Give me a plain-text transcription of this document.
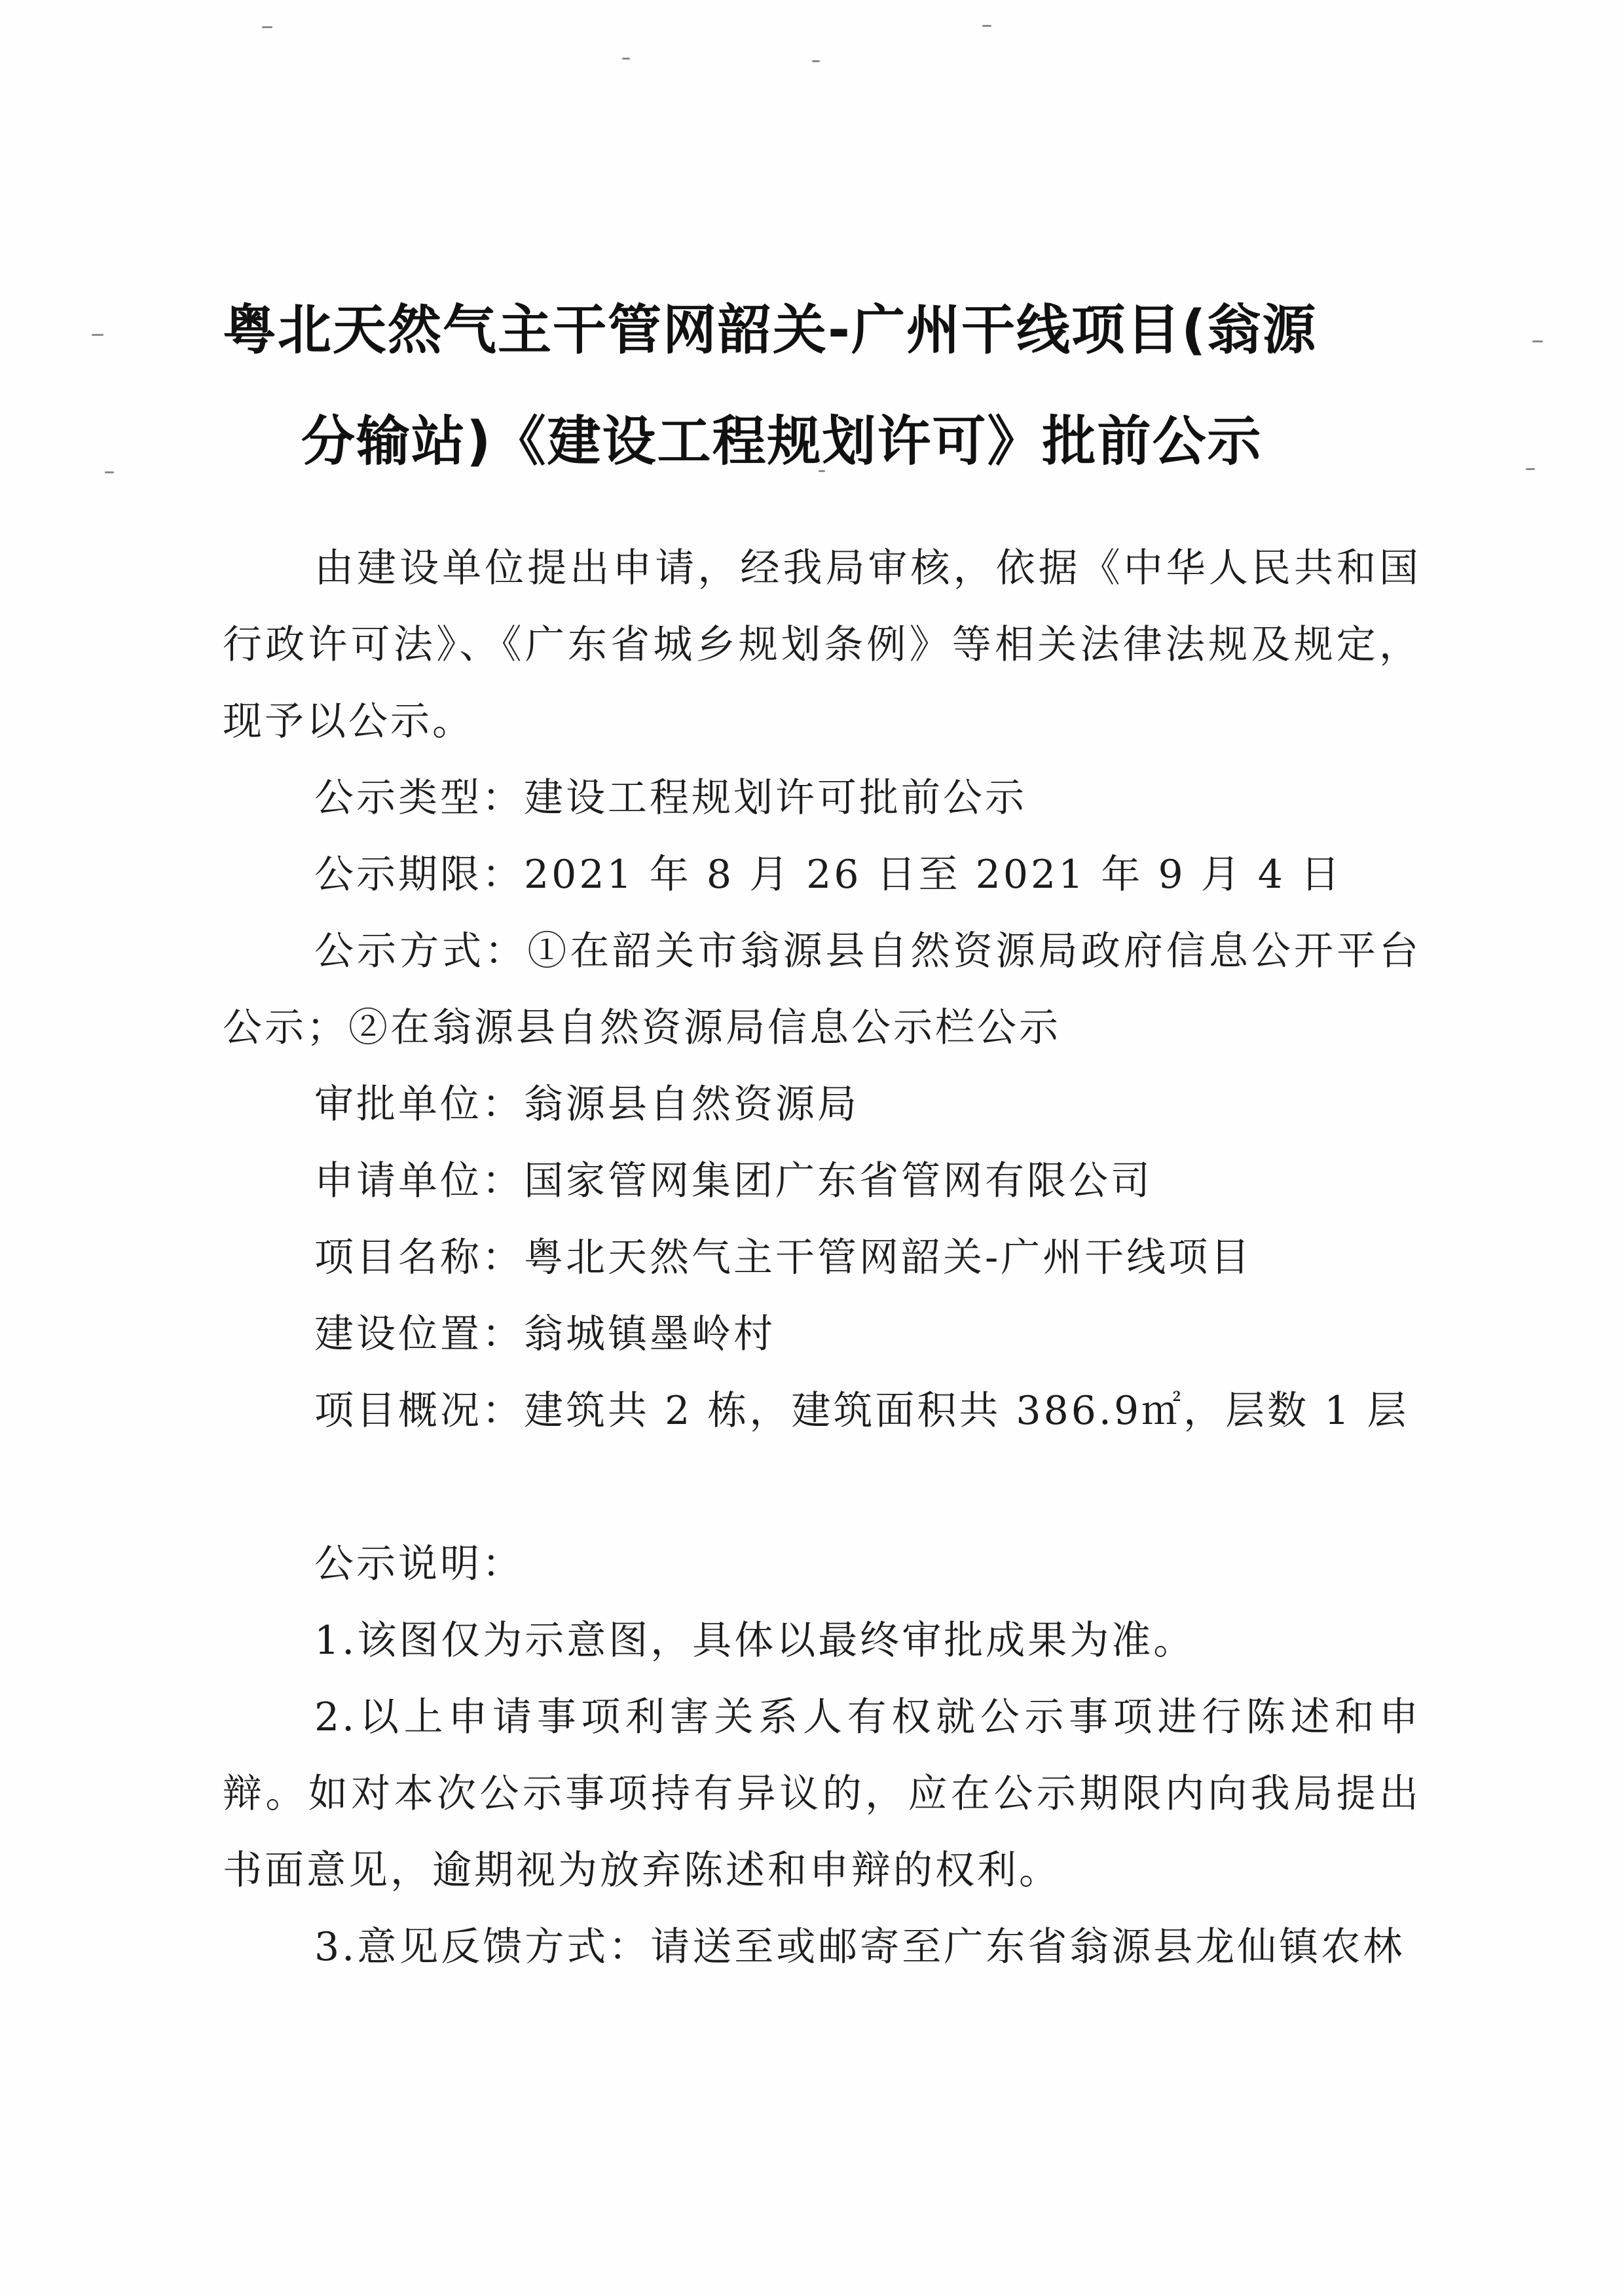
粤北天然气主干管网韶关-广州干线项目(翁源
分输站)《建设工程规划许可》批前公示

由建设单位提出申请，经我局审核，依据《中华人民共和国行政许可法》、《广东省城乡规划条例》等相关法律法规及规定，现予以公示。

公示类型：建设工程规划许可批前公示

公示期限：2021 年 8 月 26 日至 2021 年 9 月 4 日

公示方式：①在韶关市翁源县自然资源局政府信息公开平台公示；②在翁源县自然资源局信息公示栏公示

审批单位：翁源县自然资源局

申请单位：国家管网集团广东省管网有限公司

项目名称：粤北天然气主干管网韶关-广州干线项目

建设位置：翁城镇墨岭村

项目概况：建筑共 2 栋，建筑面积共 386.9㎡，层数 1 层

公示说明：

1.该图仅为示意图，具体以最终审批成果为准。

2.以上申请事项利害关系人有权就公示事项进行陈述和申辩。如对本次公示事项持有异议的，应在公示期限内向我局提出书面意见，逾期视为放弃陈述和申辩的权利。

3.意见反馈方式：请送至或邮寄至广东省翁源县龙仙镇农林
